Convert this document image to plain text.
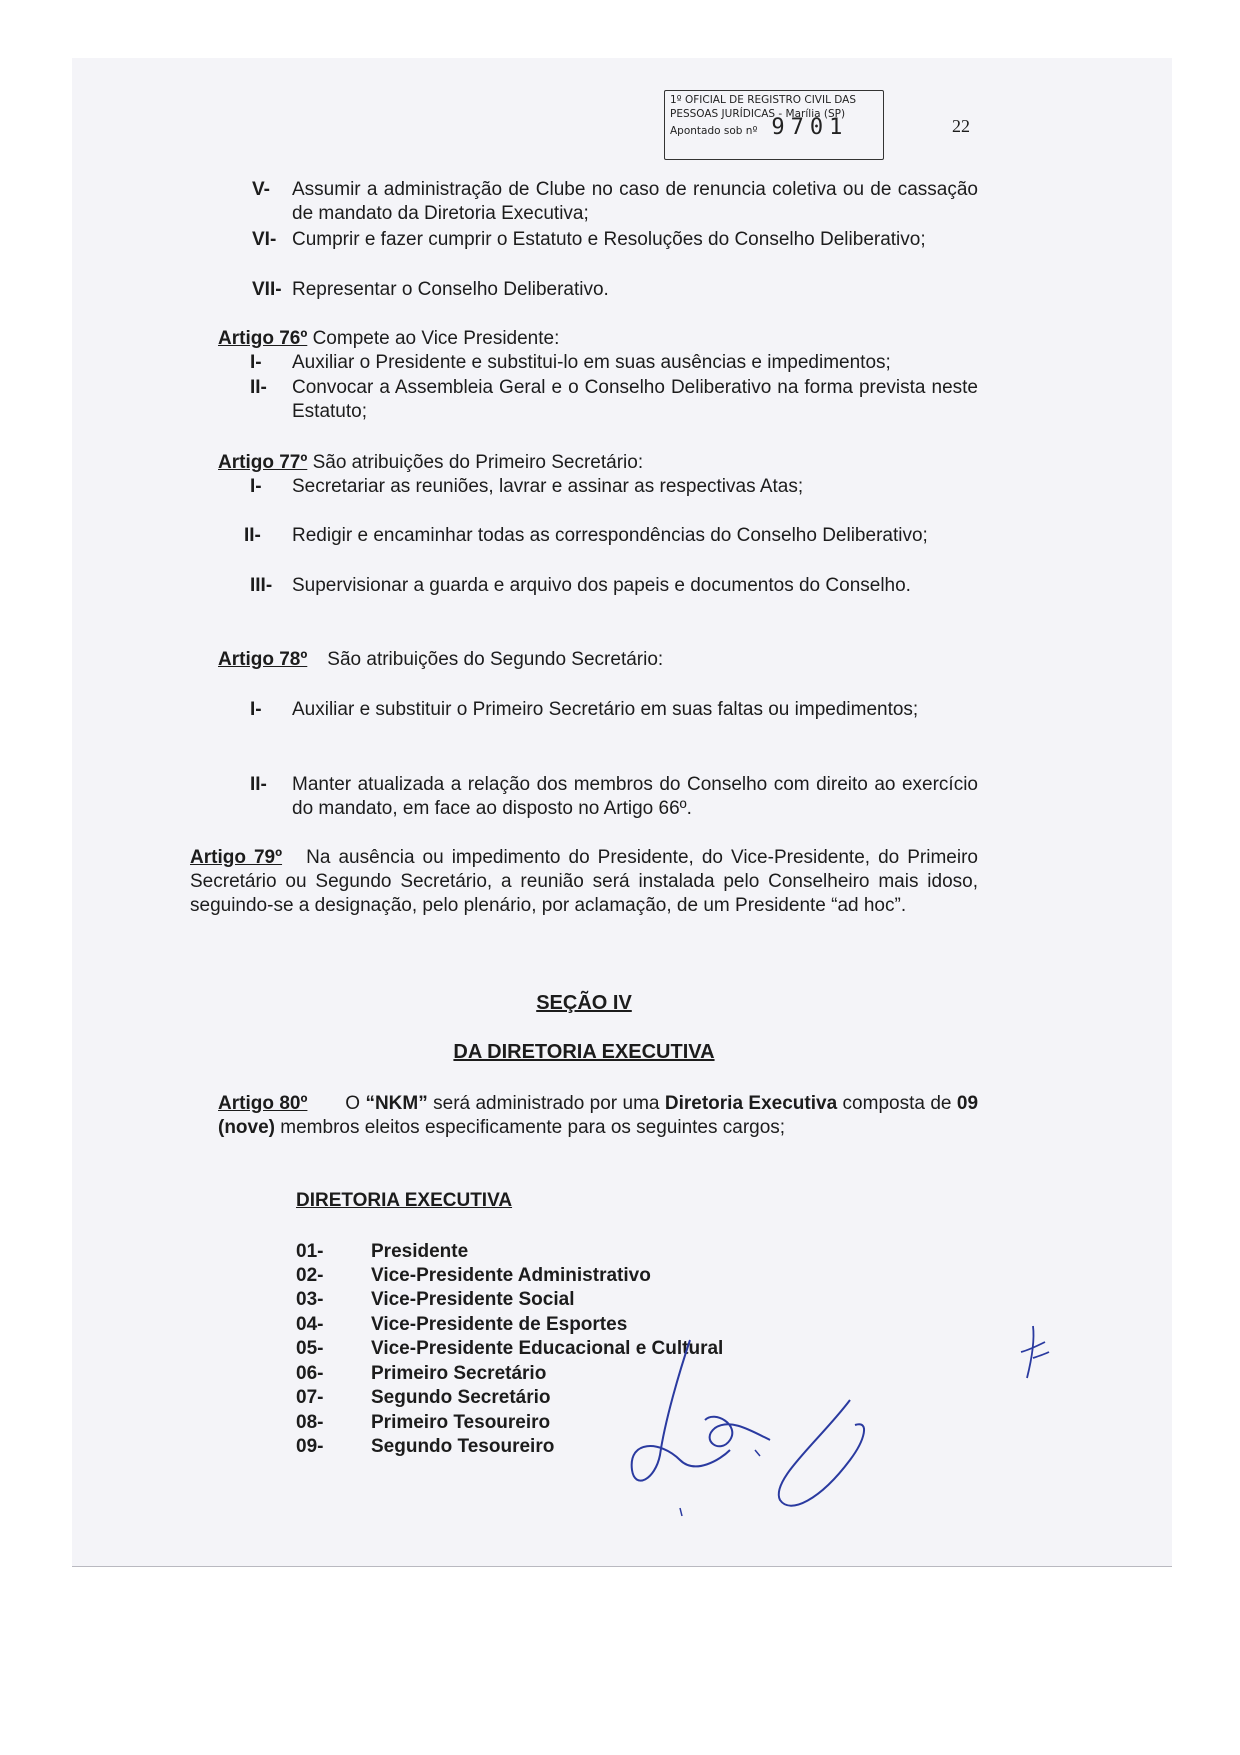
1º OFICIAL DE REGISTRO CIVIL DAS
PESSOAS JURÍDICAS - Marília (SP)
Apontado sob nº 9701	22
V- Assumir a administração de Clube no caso de renuncia coletiva ou de cassação de mandato da Diretoria Executiva;
VI- Cumprir e fazer cumprir o Estatuto e Resoluções do Conselho Deliberativo;
VII- Representar o Conselho Deliberativo.
Artigo 76º Compete ao Vice Presidente:
I- Auxiliar o Presidente e substitui-lo em suas ausências e impedimentos;
II- Convocar a Assembleia Geral e o Conselho Deliberativo na forma prevista neste Estatuto;
Artigo 77º São atribuições do Primeiro Secretário:
I- Secretariar as reuniões, lavrar e assinar as respectivas Atas;
II- Redigir e encaminhar todas as correspondências do Conselho Deliberativo;
III- Supervisionar a guarda e arquivo dos papeis e documentos do Conselho.
Artigo 78º São atribuições do Segundo Secretário:
I- Auxiliar e substituir o Primeiro Secretário em suas faltas ou impedimentos;
II- Manter atualizada a relação dos membros do Conselho com direito ao exercício do mandato, em face ao disposto no Artigo 66º.
Artigo 79º Na ausência ou impedimento do Presidente, do Vice-Presidente, do Primeiro Secretário ou Segundo Secretário, a reunião será instalada pelo Conselheiro mais idoso, seguindo-se a designação, pelo plenário, por aclamação, de um Presidente “ad hoc”.
SEÇÃO IV
DA DIRETORIA EXECUTIVA
Artigo 80º O “NKM” será administrado por uma Diretoria Executiva composta de 09 (nove) membros eleitos especificamente para os seguintes cargos;
DIRETORIA EXECUTIVA
01-	Presidente
02-	Vice-Presidente Administrativo
03-	Vice-Presidente Social
04-	Vice-Presidente de Esportes
05-	Vice-Presidente Educacional e Cultural
06-	Primeiro Secretário
07-	Segundo Secretário
08-	Primeiro Tesoureiro
09-	Segundo Tesoureiro
